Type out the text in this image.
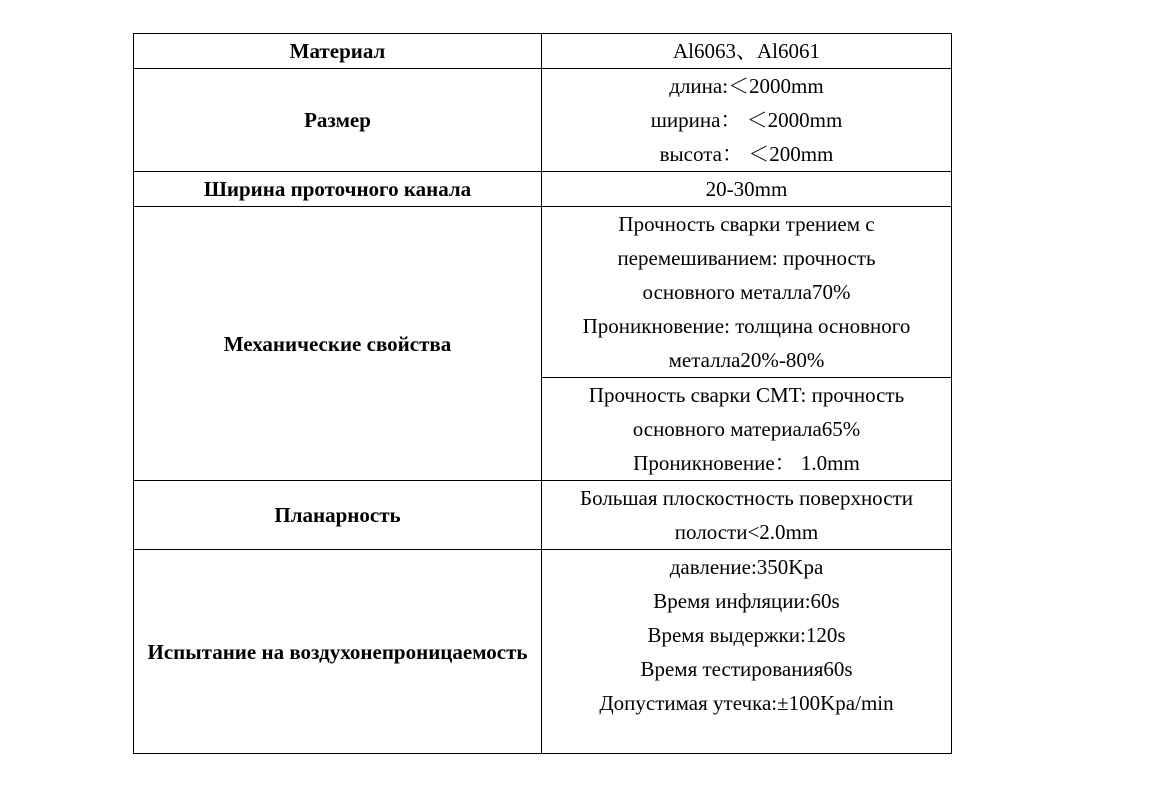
Материал	Al6063、Al6061
Размер	длина:＜2000mm
ширина： ＜2000mm
высота： ＜200mm

Ширина проточного канала	20-30mm
Механические свойства	Прочность сварки трением с
перемешиванием: прочность
основного металла70%
Проникновение: толщина основного
металла20%-80%

	Прочность сварки CMT: прочность
основного материала65%
Проникновение： 1.0mm

Планарность	Большая плоскостность поверхности
полости<2.0mm

Испытание на воздухонепроницаемость	давление:350Kpa
Время инфляции:60s
Время выдержки:120s
Время тестирования60s
Допустимая утечка:±100Kpa/min
